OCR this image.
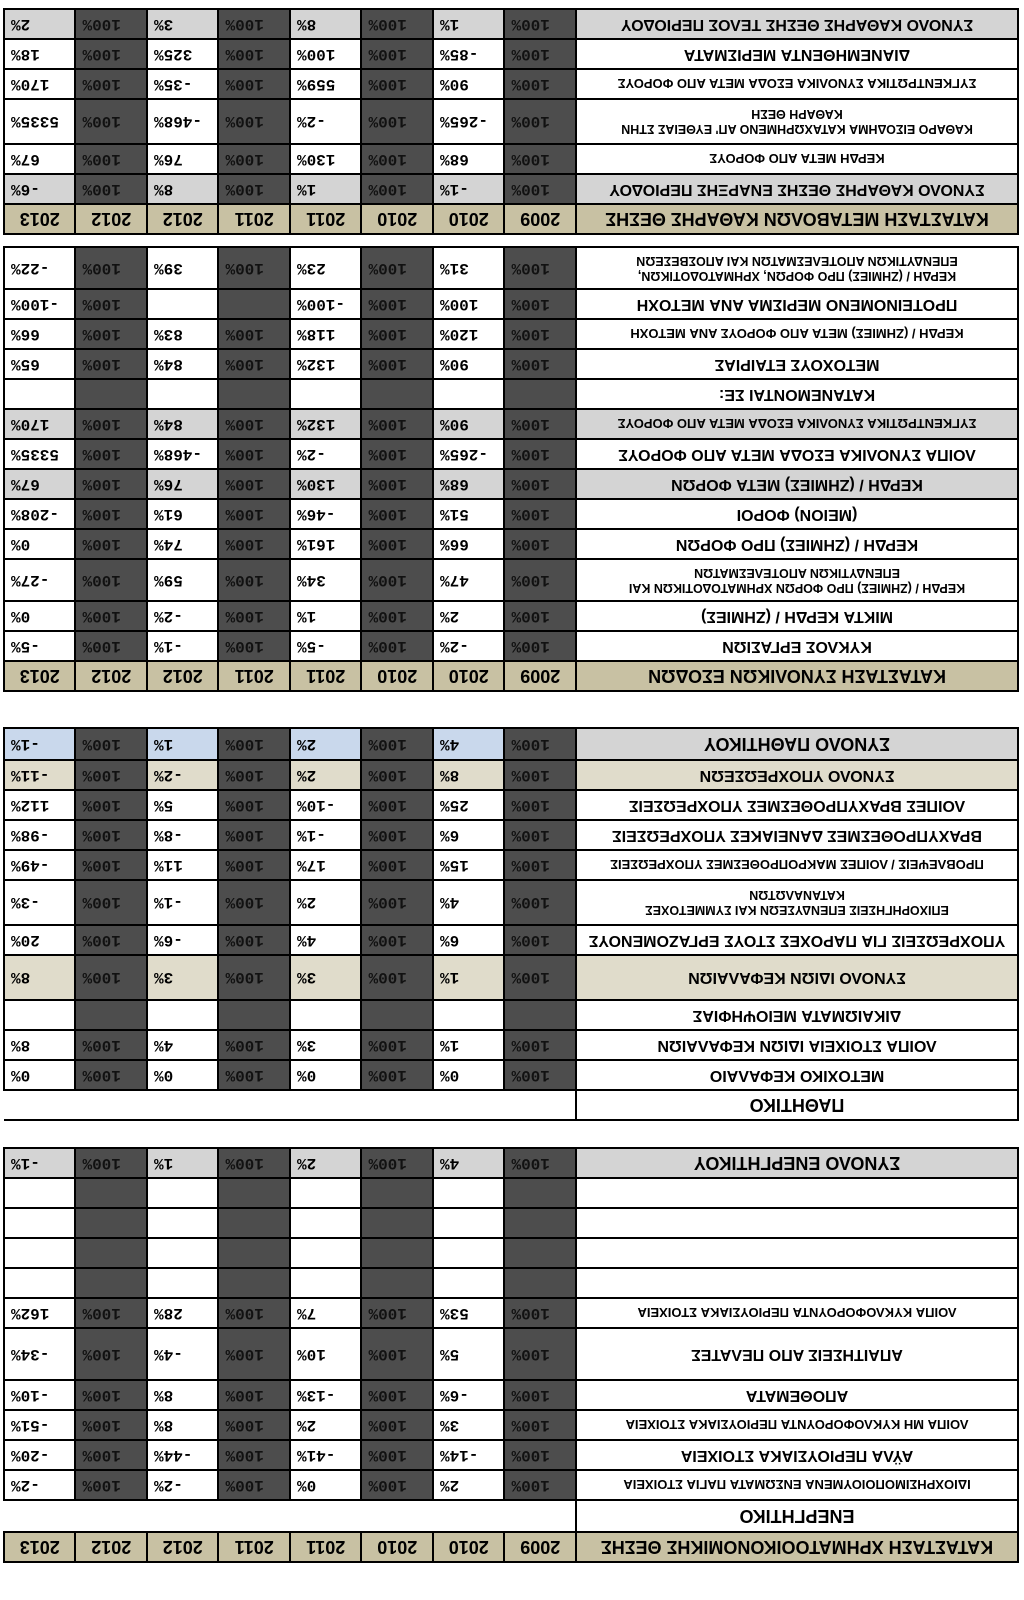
ΚΑΤΑΣΤΑΣΗ ΧΡΗΜΑΤΟΟΙΚΟΝΟΜΙΚΗΣ ΘΕΣΗΣ	2009	2010	2010	2011	2011	2012	2012	2013
ΕΝΕΡΓΗΤΙΚΟ								
ΙΔΙΟΧΡΗΣΙΜΟΠΟΙΟΥΜΕΝΑ ΕΝΣΩΜΑΤΑ ΠΑΓΙΑ ΣΤΟΙΧΕΙΑ	100%	2%	100%	0%	100%	-2%	100%	-2%
ΑΫΛΑ ΠΕΡΙΟΥΣΙΑΚΑ ΣΤΟΙΧΕΙΑ	100%	-14%	100%	-41%	100%	-44%	100%	-20%
ΛΟΙΠΑ ΜΗ ΚΥΚΛΟΦΟΡΟΥΝΤΑ ΠΕΡΙΟΥΣΙΑΚΑ ΣΤΟΙΧΕΙΑ	100%	3%	100%	2%	100%	8%	100%	-51%
ΑΠΟΘΕΜΑΤΑ	100%	-6%	100%	-13%	100%	8%	100%	-10%
ΑΠΑΙΤΗΣΕΙΣ ΑΠΟ ΠΕΛΑΤΕΣ	100%	5%	100%	10%	100%	-4%	100%	-34%
ΛΟΙΠΑ ΚΥΚΛΟΦΟΡΟΥΝΤΑ ΠΕΡΙΟΥΣΙΑΚΑ ΣΤΟΙΧΕΙΑ	100%	53%	100%	7%	100%	28%	100%	162%

ΣΥΝΟΛΟ ΕΝΕΡΓΗΤΙΚΟΥ	100%	4%	100%	2%	100%	1%	100%	-1%

ΠΑΘΗΤΙΚΟ								
ΜΕΤΟΧΙΚΟ ΚΕΦΑΛΑΙΟ	100%	0%	100%	0%	100%	0%	100%	0%
ΛΟΙΠΑ ΣΤΟΙΧΕΙΑ ΙΔΙΩΝ ΚΕΦΑΛΑΙΩΝ	100%	1%	100%	3%	100%	4%	100%	8%
ΔΙΚΑΙΩΜΑΤΑ ΜΕΙΟΨΗΦΙΑΣ								
ΣΥΝΟΛΟ ΙΔΙΩΝ ΚΕΦΑΛΑΙΩΝ	100%	1%	100%	3%	100%	3%	100%	8%
ΥΠΟΧΡΕΩΣΕΙΣ ΓΙΑ ΠΑΡΟΧΕΣ ΣΤΟΥΣ ΕΡΓΑΖΟΜΕΝΟΥΣ	100%	6%	100%	4%	100%	-6%	100%	20%

ΕΠΙΧΟΡΗΓΗΣΕΙΣ ΕΠΕΝΔΥΣΕΩΝ ΚΑΙ ΣΥΜΜΕΤΟΧΕΣ
ΚΑΤΑΝΑΛΩΤΩΝ	100%	4%	100%	2%	100%	-1%	100%	-3%
ΠΡΟΒΛΕΨΕΙΣ / ΛΟΙΠΕΣ ΜΑΚΡΟΠΡΟΘΕΣΜΕΣ ΥΠΟΧΡΕΩΣΕΙΣ	100%	15%	100%	17%	100%	11%	100%	-49%
ΒΡΑΧΥΠΡΟΘΕΣΜΕΣ ΔΑΝΕΙΑΚΕΣ ΥΠΟΧΡΕΩΣΕΙΣ	100%	6%	100%	-1%	100%	-8%	100%	-98%
ΛΟΙΠΕΣ ΒΡΑΧΥΠΡΟΘΕΣΜΕΣ ΥΠΟΧΡΕΩΣΕΙΣ	100%	25%	100%	-10%	100%	5%	100%	112%
ΣΥΝΟΛΟ ΥΠΟΧΡΕΩΣΕΩΝ	100%	8%	100%	2%	100%	-2%	100%	-11%
ΣΥΝΟΛΟ ΠΑΘΗΤΙΚΟΥ	100%	4%	100%	2%	100%	1%	100%	-1%
ΚΑΤΑΣΤΑΣΗ ΣΥΝΟΛΙΚΩΝ ΕΣΟΔΩΝ	2009	2010	2010	2011	2011	2012	2012	2013
ΚΥΚΛΟΣ ΕΡΓΑΣΙΩΝ	100%	-2%	100%	-5%	100%	-1%	100%	-5%
ΜΙΚΤΑ ΚΕΡΔΗ / (ΖΗΜΙΕΣ)	100%	2%	100%	1%	100%	-2%	100%	0%

ΚΕΡΔΗ / (ΖΗΜΙΕΣ) ΠΡΟ ΦΟΡΩΝ ΧΡΗΜΑΤΟΔΟΤΙΚΩΝ ΚΑΙ
ΕΠΕΝΔΥΤΙΚΩΝ ΑΠΟΤΕΛΕΣΜΑΤΩΝ	100%	47%	100%	34%	100%	59%	100%	-27%
ΚΕΡΔΗ / (ΖΗΜΙΕΣ) ΠΡΟ ΦΟΡΩΝ	100%	66%	100%	161%	100%	74%	100%	0%
(ΜΕΙΟΝ) ΦΟΡΟΙ	100%	51%	100%	-46%	100%	61%	100%	-208%
ΚΕΡΔΗ / (ΖΗΜΙΕΣ) ΜΕΤΑ ΦΟΡΩΝ	100%	68%	100%	130%	100%	76%	100%	67%
ΛΟΙΠΑ ΣΥΝΟΛΙΚΑ ΕΣΟΔΑ ΜΕΤΑ ΑΠΟ ΦΟΡΟΥΣ	100%	-265%	100%	-2%	100%	-468%	100%	5335%
ΣΥΓΚΕΝΤΡΩΤΙΚΑ ΣΥΝΟΛΙΚΑ ΕΣΟΔΑ ΜΕΤΑ ΑΠΟ ΦΟΡΟΥΣ	100%	90%	100%	132%	100%	84%	100%	170%
ΚΑΤΑΝΕΜΟΝΤΑΙ ΣΕ:								
ΜΕΤΟΧΟΥΣ ΕΤΑΙΡΙΑΣ	100%	90%	100%	132%	100%	84%	100%	65%
ΚΕΡΔΗ / (ΖΗΜΙΕΣ) ΜΕΤΑ ΑΠΟ ΦΟΡΟΥΣ ΑΝΑ ΜΕΤΟΧΗ	100%	120%	100%	118%	100%	83%	100%	66%
ΠΡΟΤΕΙΝΟΜΕΝΟ ΜΕΡΙΣΜΑ ΑΝΑ ΜΕΤΟΧΗ	100%	100%	100%	-100%			100%	-100%

ΚΕΡΔΗ / (ΖΗΜΙΕΣ) ΠΡΟ ΦΟΡΩΝ, ΧΡΗΜΑΤΟΔΟΤΙΚΩΝ,
ΕΠΕΝΔΥΤΙΚΩΝ ΑΠΟΤΕΛΕΣΜΑΤΩΝ ΚΑΙ ΑΠΟΣΒΕΣΕΩΝ	100%	31%	100%	23%	100%	39%	100%	-22%
ΚΑΤΑΣΤΑΣΗ ΜΕΤΑΒΟΛΩΝ ΚΑΘΑΡΗΣ ΘΕΣΗΣ	2009	2010	2010	2011	2011	2012	2012	2013
ΣΥΝΟΛΟ ΚΑΘΑΡΗΣ ΘΕΣΗΣ ΕΝΑΡΞΗΣ ΠΕΡΙΟΔΟΥ	100%	-1%	100%	1%	100%	8%	100%	-6%
ΚΕΡΔΗ ΜΕΤΑ ΑΠΟ ΦΟΡΟΥΣ	100%	68%	100%	130%	100%	76%	100%	67%

ΚΑΘΑΡΟ ΕΙΣΟΔΗΜΑ ΚΑΤΑΧΩΡΗΜΕΝΟ ΑΠ' ΕΥΘΕΙΑΣ ΣΤΗΝ
ΚΑΘΑΡΗ ΘΕΣΗ	100%	-265%	100%	-2%	100%	-468%	100%	5335%
ΣΥΓΚΕΝΤΡΩΤΙΚΑ ΣΥΝΟΛΙΚΑ ΕΣΟΔΑ ΜΕΤΑ ΑΠΟ ΦΟΡΟΥΣ	100%	90%	100%	559%	100%	-35%	100%	170%
ΔΙΑΝΕΜΗΘΕΝΤΑ ΜΕΡΙΣΜΑΤΑ	100%	-85%	100%	100%	100%	325%	100%	18%
ΣΥΝΟΛΟ ΚΑΘΑΡΗΣ ΘΕΣΗΣ ΤΕΛΟΣ ΠΕΡΙΟΔΟΥ	100%	1%	100%	8%	100%	3%	100%	2%
